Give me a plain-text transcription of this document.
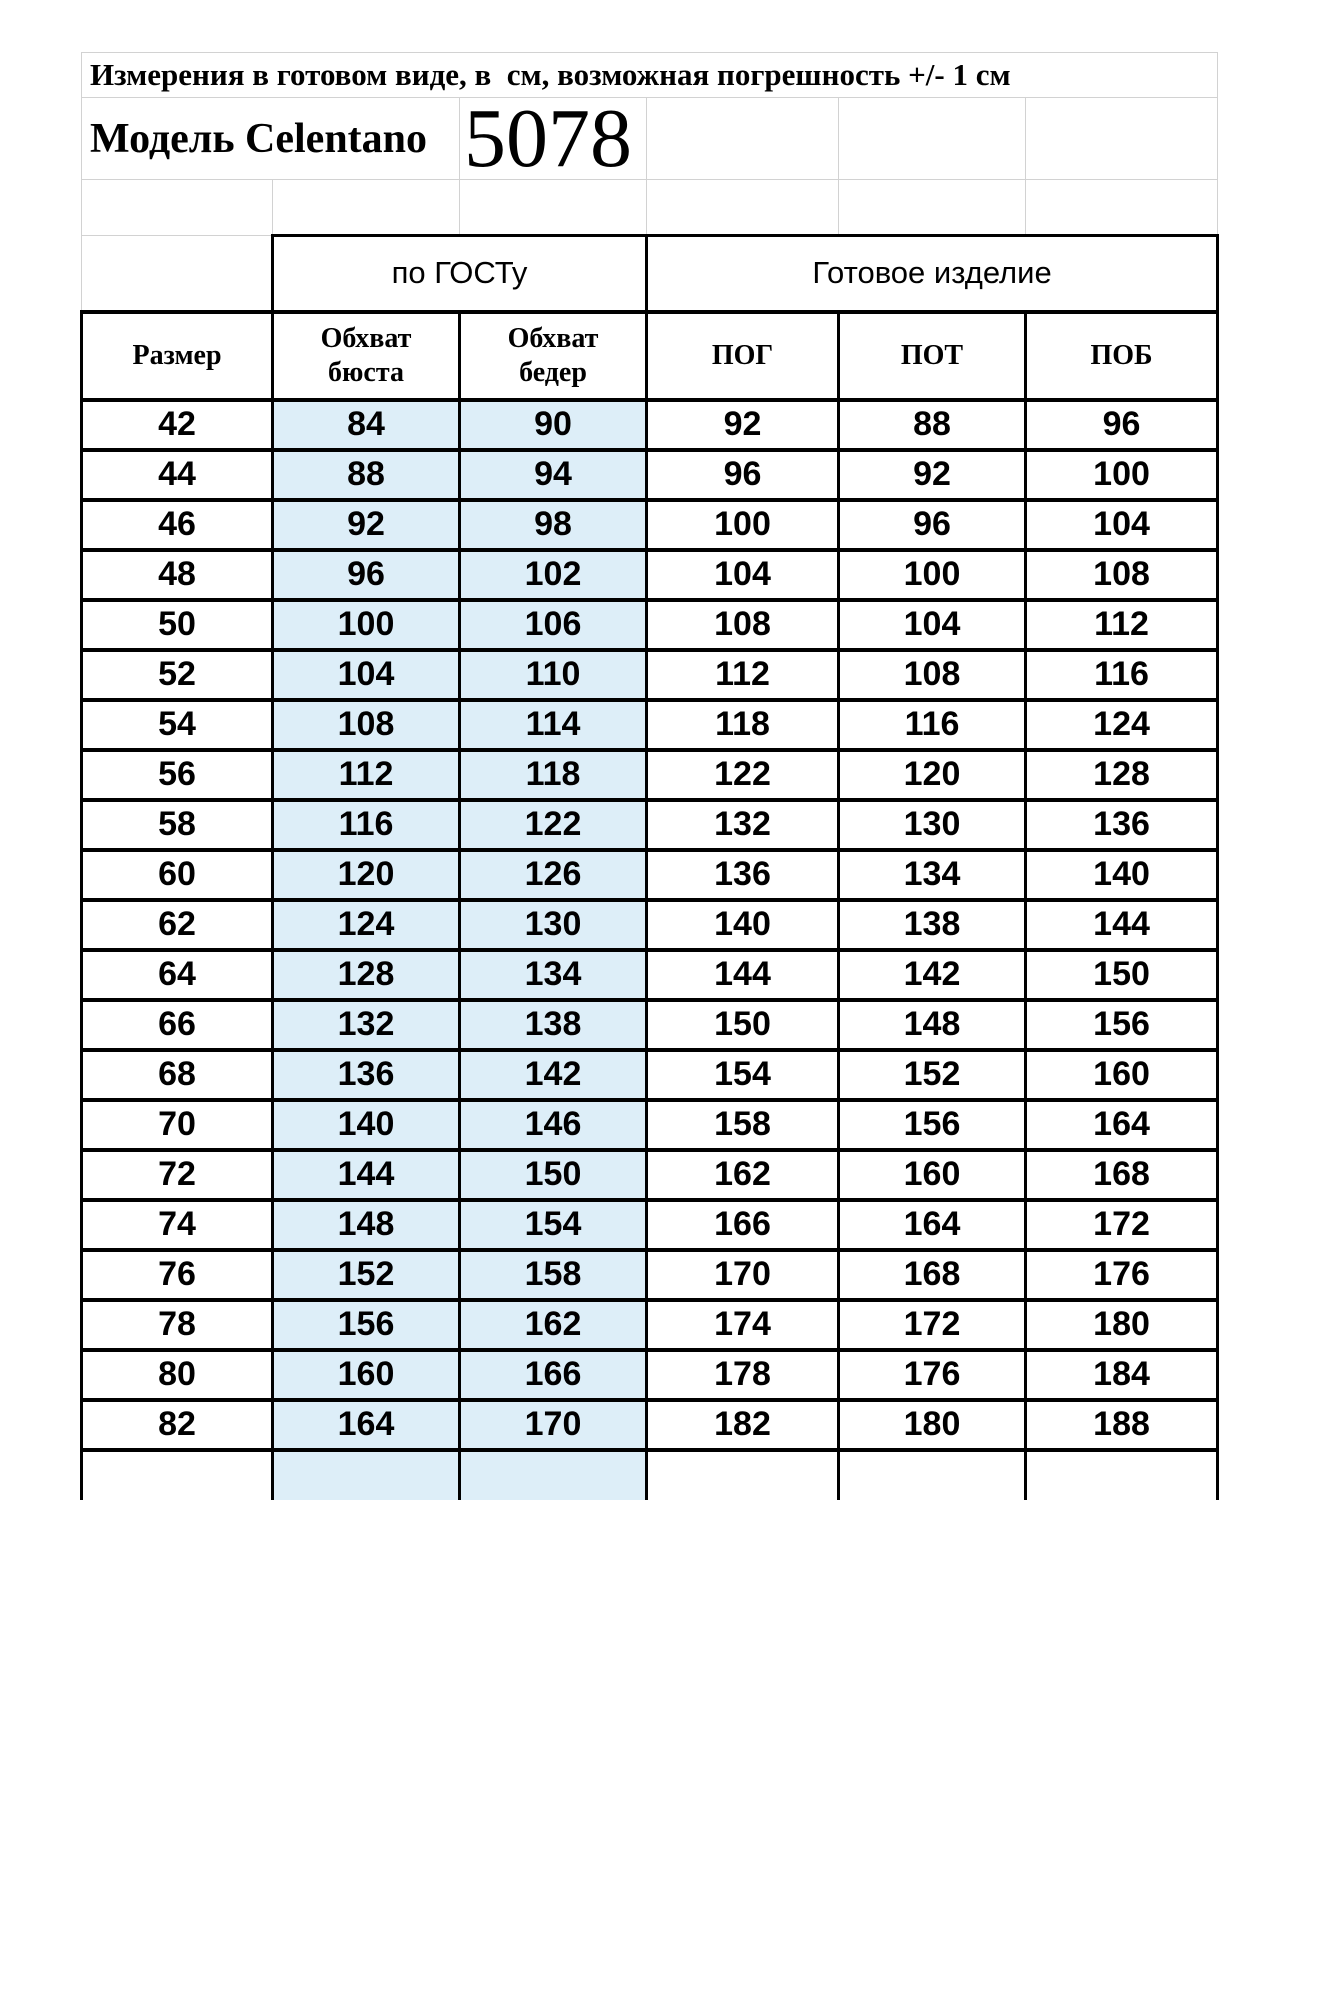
Измерения в готовом виде, в  см, возможная погрешность +/- 1 см					
Модель Celentano		5078			

	по ГОСТу		Готовое изделие		
Размер	Обхват бюста	Обхват бедер	ПОГ	ПОТ	ПОБ
42	84	90	92	88	96
44	88	94	96	92	100
46	92	98	100	96	104
48	96	102	104	100	108
50	100	106	108	104	112
52	104	110	112	108	116
54	108	114	118	116	124
56	112	118	122	120	128
58	116	122	132	130	136
60	120	126	136	134	140
62	124	130	140	138	144
64	128	134	144	142	150
66	132	138	150	148	156
68	136	142	154	152	160
70	140	146	158	156	164
72	144	150	162	160	168
74	148	154	166	164	172
76	152	158	170	168	176
78	156	162	174	172	180
80	160	166	178	176	184
82	164	170	182	180	188
